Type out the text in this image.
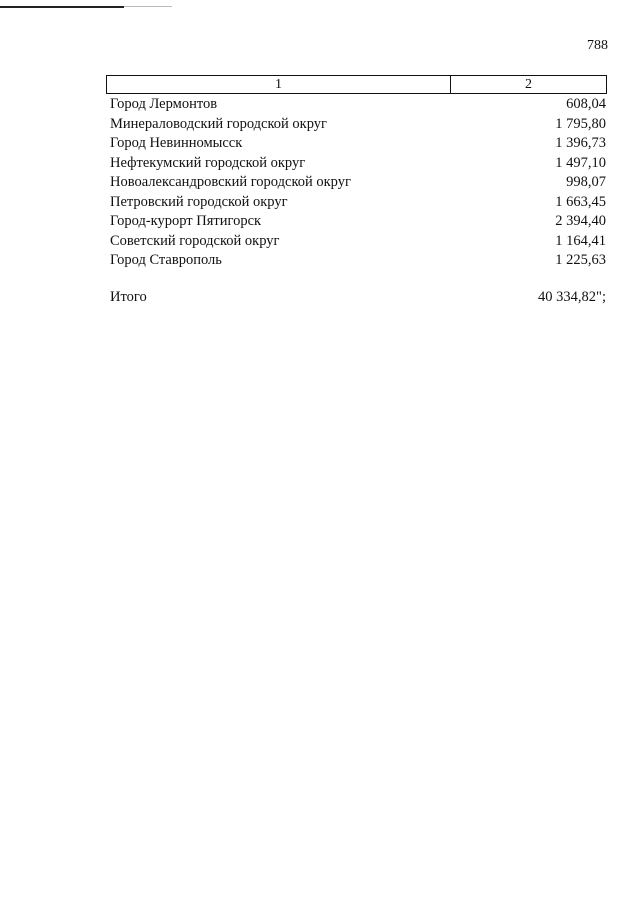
788
1	2
Город Лермонтов	608,04
Минераловодский городской округ	1 795,80
Город Невинномысск	1 396,73
Нефтекумский городской округ	1 497,10
Новоалександровский городской округ	998,07
Петровский городской округ	1 663,45
Город-курорт Пятигорск	2 394,40
Советский городской округ	1 164,41
Город Ставрополь	1 225,63
Итого	40 334,82";
